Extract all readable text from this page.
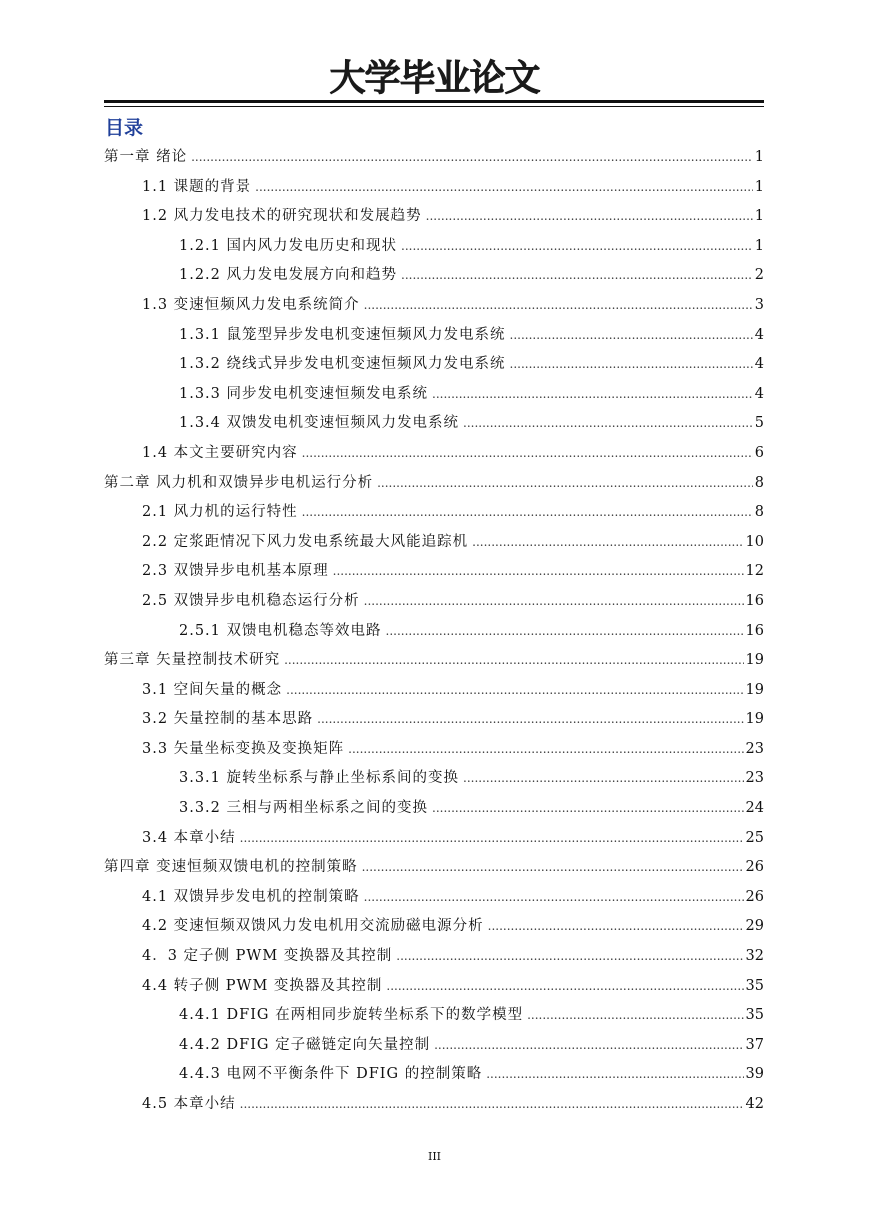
大学毕业论文
目录
第一章 绪论 .....	1
1.1 课题的背景 .....	1
1.2 风力发电技术的研究现状和发展趋势 .....	1
1.2.1 国内风力发电历史和现状 .....	1
1.2.2 风力发电发展方向和趋势 .....	2
1.3 变速恒频风力发电系统简介 .....	3
1.3.1 鼠笼型异步发电机变速恒频风力发电系统 .....	4
1.3.2 绕线式异步发电机变速恒频风力发电系统 .....	4
1.3.3 同步发电机变速恒频发电系统 .....	4
1.3.4 双馈发电机变速恒频风力发电系统 .....	5
1.4 本文主要研究内容 .....	6
第二章 风力机和双馈异步电机运行分析 .....	8
2.1 风力机的运行特性 .....	8
2.2 定浆距情况下风力发电系统最大风能追踪机 .....	10
2.3 双馈异步电机基本原理 .....	12
2.5 双馈异步电机稳态运行分析 .....	16
2.5.1 双馈电机稳态等效电路 .....	16
第三章 矢量控制技术研究 .....	19
3.1 空间矢量的概念 .....	19
3.2 矢量控制的基本思路 .....	19
3.3 矢量坐标变换及变换矩阵 .....	23
3.3.1 旋转坐标系与静止坐标系间的变换 .....	23
3.3.2 三相与两相坐标系之间的变换 .....	24
3.4 本章小结 .....	25
第四章 变速恒频双馈电机的控制策略 .....	26
4.1 双馈异步发电机的控制策略 .....	26
4.2 变速恒频双馈风力发电机用交流励磁电源分析 .....	29
4．3 定子侧 PWM 变换器及其控制 .....	32
4.4 转子侧 PWM 变换器及其控制 .....	35
4.4.1 DFIG 在两相同步旋转坐标系下的数学模型 .....	35
4.4.2 DFIG 定子磁链定向矢量控制 .....	37
4.4.3 电网不平衡条件下 DFIG 的控制策略 .....	39
4.5 本章小结 .....	42
III
